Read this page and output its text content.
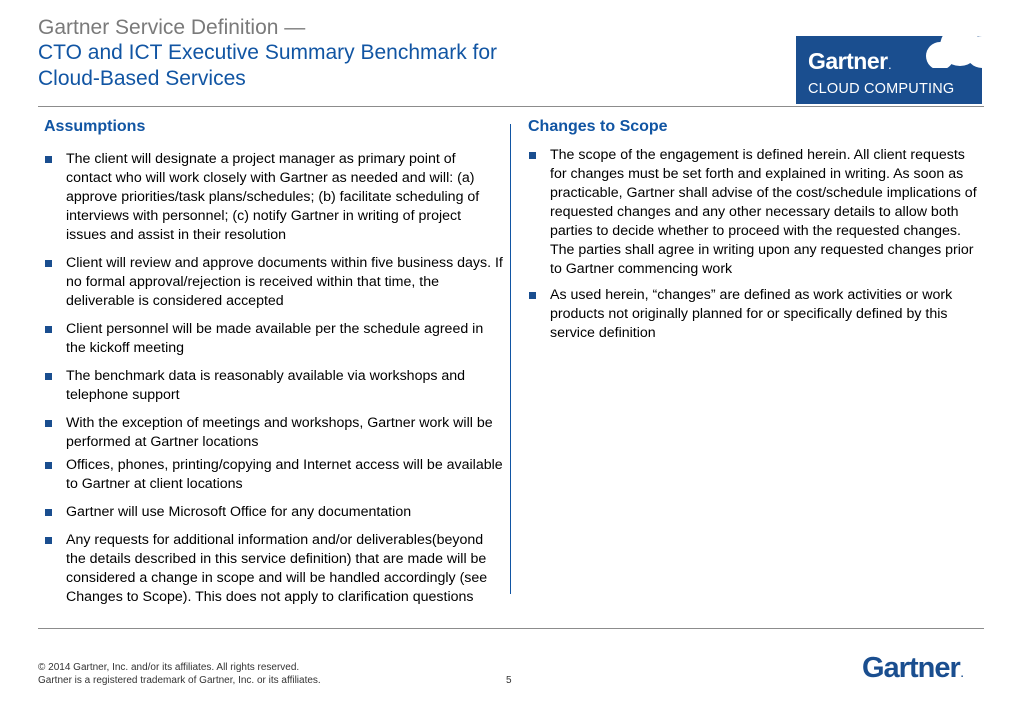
Gartner Service Definition —
CTO and ICT Executive Summary Benchmark for
Cloud-Based Services
Gartner.
CLOUD COMPUTING
Assumptions
The client will designate a project manager as primary point of contact who will work closely with Gartner as needed and will: (a) approve priorities/task plans/schedules; (b) facilitate scheduling of interviews with personnel; (c) notify Gartner in writing of project issues and assist in their resolution
Client will review and approve documents within five business days. If no formal approval/rejection is received within that time, the deliverable is considered accepted
Client personnel will be made available per the schedule agreed in the kickoff meeting
The benchmark data is reasonably available via workshops and telephone support
With the exception of meetings and workshops, Gartner work will be performed at Gartner locations
Offices, phones, printing/copying and Internet access will be available to Gartner at client locations
Gartner will use Microsoft Office for any documentation
Any requests for additional information and/or deliverables(beyond the details described in this service definition) that are made will be considered a change in scope and will be handled accordingly (see Changes to Scope). This does not apply to clarification questions
Changes to Scope
The scope of the engagement is defined herein. All client requests for changes must be set forth and explained in writing. As soon as practicable, Gartner shall advise of the cost/schedule implications of requested changes and any other necessary details to allow both parties to decide whether to proceed with the requested changes. The parties shall agree in writing upon any requested changes prior to Gartner commencing work
As used herein, “changes” are defined as work activities or work products not originally planned for or specifically defined by this service definition
© 2014 Gartner, Inc. and/or its affiliates. All rights reserved.
Gartner is a registered trademark of Gartner, Inc. or its affiliates.	5	Gartner.
